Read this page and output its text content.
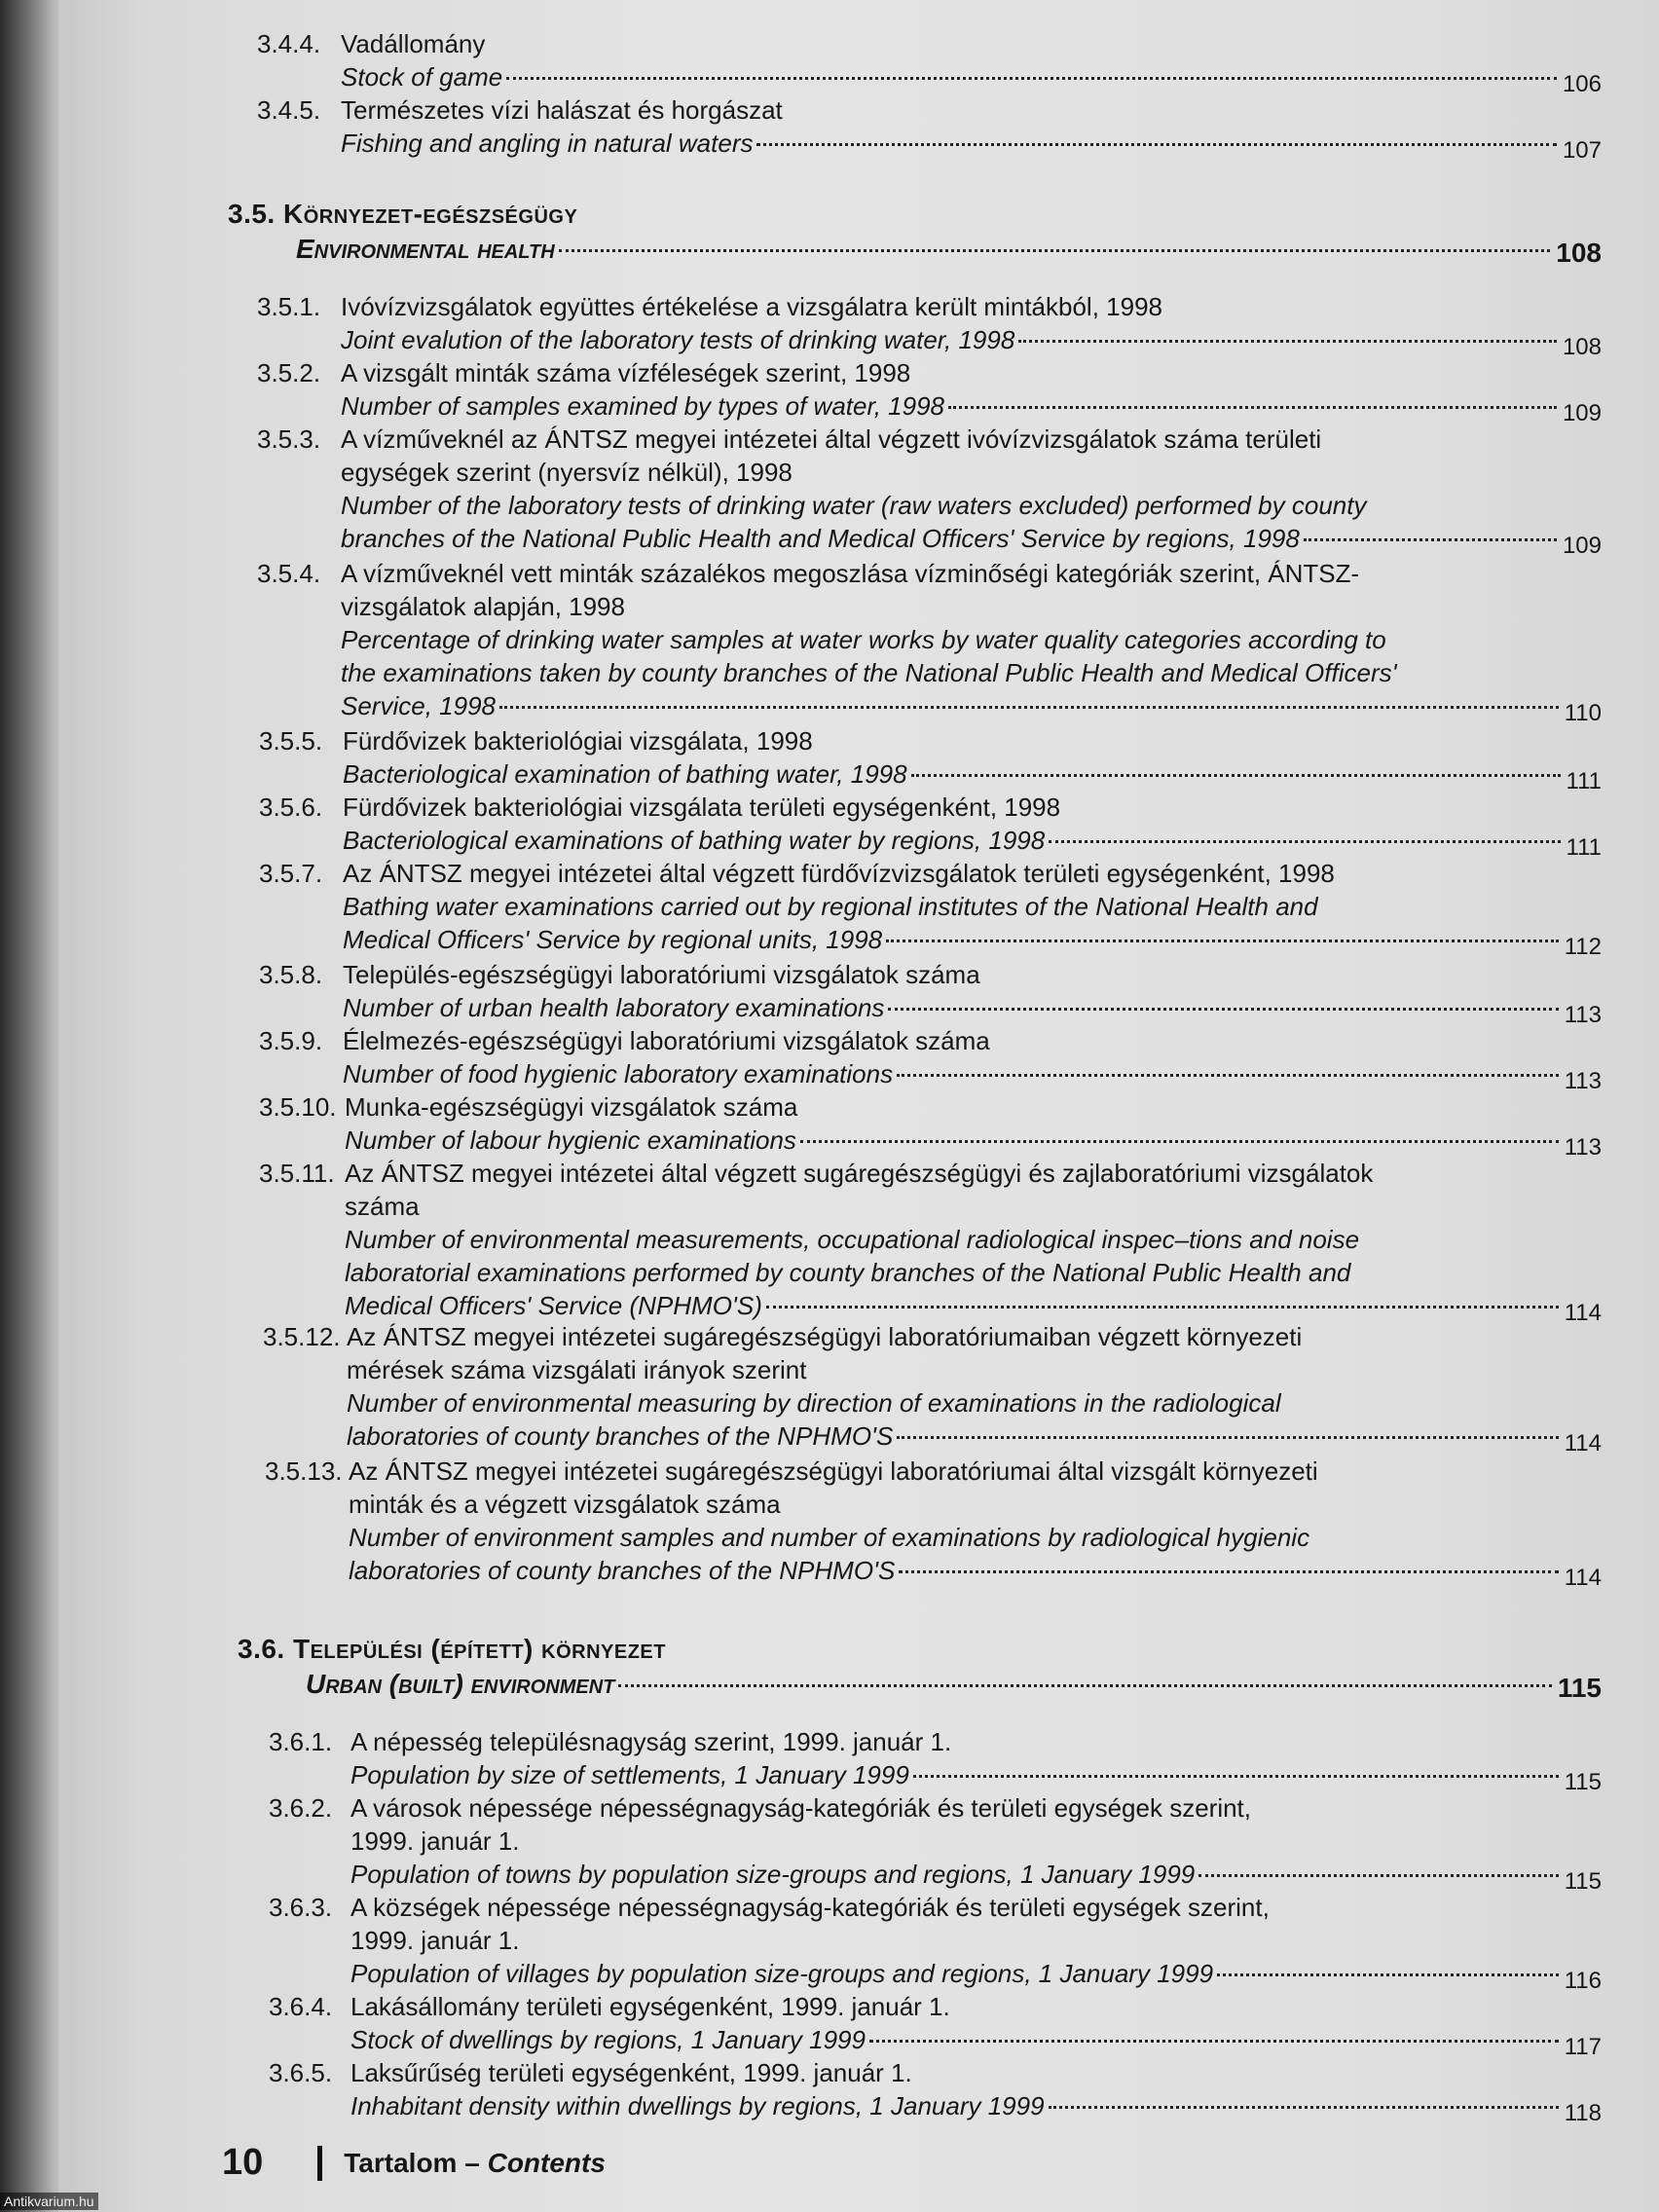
3.4.4. Vadállomány
Stock of game	106
3.4.5. Természetes vízi halászat és horgászat
Fishing and angling in natural waters	107
3.5. Környezet-egészségügy
Environmental health	108
3.5.1. Ivóvízvizsgálatok együttes értékelése a vizsgálatra került mintákból, 1998
Joint evalution of the laboratory tests of drinking water, 1998	108
3.5.2. A vizsgált minták száma vízféleségek szerint, 1998
Number of samples examined by types of water, 1998	109
3.5.3. A vízműveknél az ÁNTSZ megyei intézetei által végzett ivóvízvizsgálatok száma területi
egységek szerint (nyersvíz nélkül), 1998
Number of the laboratory tests of drinking water (raw waters excluded) performed by county
branches of the National Public Health and Medical Officers' Service by regions, 1998	109
3.5.4. A vízműveknél vett minták százalékos megoszlása vízminőségi kategóriák szerint, ÁNTSZ-
vizsgálatok alapján, 1998
Percentage of drinking water samples at water works by water quality categories according to
the examinations taken by county branches of the National Public Health and Medical Officers'
Service, 1998	110
3.5.5. Fürdővizek bakteriológiai vizsgálata, 1998
Bacteriological examination of bathing water, 1998	111
3.5.6. Fürdővizek bakteriológiai vizsgálata területi egységenként, 1998
Bacteriological examinations of bathing water by regions, 1998	111
3.5.7. Az ÁNTSZ megyei intézetei által végzett fürdővízvizsgálatok területi egységenként, 1998
Bathing water examinations carried out by regional institutes of the National Health and
Medical Officers' Service by regional units, 1998	112
3.5.8. Település-egészségügyi laboratóriumi vizsgálatok száma
Number of urban health laboratory examinations	113
3.5.9. Élelmezés-egészségügyi laboratóriumi vizsgálatok száma
Number of food hygienic laboratory examinations	113
3.5.10. Munka-egészségügyi vizsgálatok száma
Number of labour hygienic examinations	113
3.5.11. Az ÁNTSZ megyei intézetei által végzett sugáregészségügyi és zajlaboratóriumi vizsgálatok
száma
Number of environmental measurements, occupational radiological inspec–tions and noise
laboratorial examinations performed by county branches of the National Public Health and
Medical Officers' Service (NPHMO'S)	114
3.5.12. Az ÁNTSZ megyei intézetei sugáregészségügyi laboratóriumaiban végzett környezeti
mérések száma vizsgálati irányok szerint
Number of environmental measuring by direction of examinations in the radiological
laboratories of county branches of the NPHMO'S	114
3.5.13. Az ÁNTSZ megyei intézetei sugáregészségügyi laboratóriumai által vizsgált környezeti
minták és a végzett vizsgálatok száma
Number of environment samples and number of examinations by radiological hygienic
laboratories of county branches of the NPHMO'S	114
3.6. Települési (épített) környezet
Urban (built) environment	115
3.6.1. A népesség településnagyság szerint, 1999. január 1.
Population by size of settlements, 1 January 1999	115
3.6.2. A városok népessége népességnagyság-kategóriák és területi egységek szerint,
1999. január 1.
Population of towns by population size-groups and regions, 1 January 1999	115
3.6.3. A községek népessége népességnagyság-kategóriák és területi egységek szerint,
1999. január 1.
Population of villages by population size-groups and regions, 1 January 1999	116
3.6.4. Lakásállomány területi egységenként, 1999. január 1.
Stock of dwellings by regions, 1 January 1999	117
3.6.5. Laksűrűség területi egységenként, 1999. január 1.
Inhabitant density within dwellings by regions, 1 January 1999	118
10	Tartalom – Contents
Antikvarium.hu
